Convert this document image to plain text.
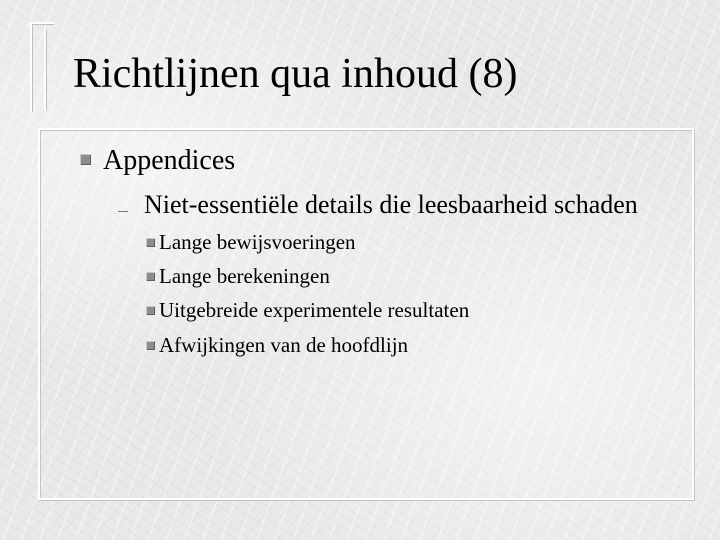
Richtlijnen qua inhoud (8)
Appendices
Niet-essentiële details die leesbaarheid schaden
Lange bewijsvoeringen
Lange berekeningen
Uitgebreide experimentele resultaten
Afwijkingen van de hoofdlijn
